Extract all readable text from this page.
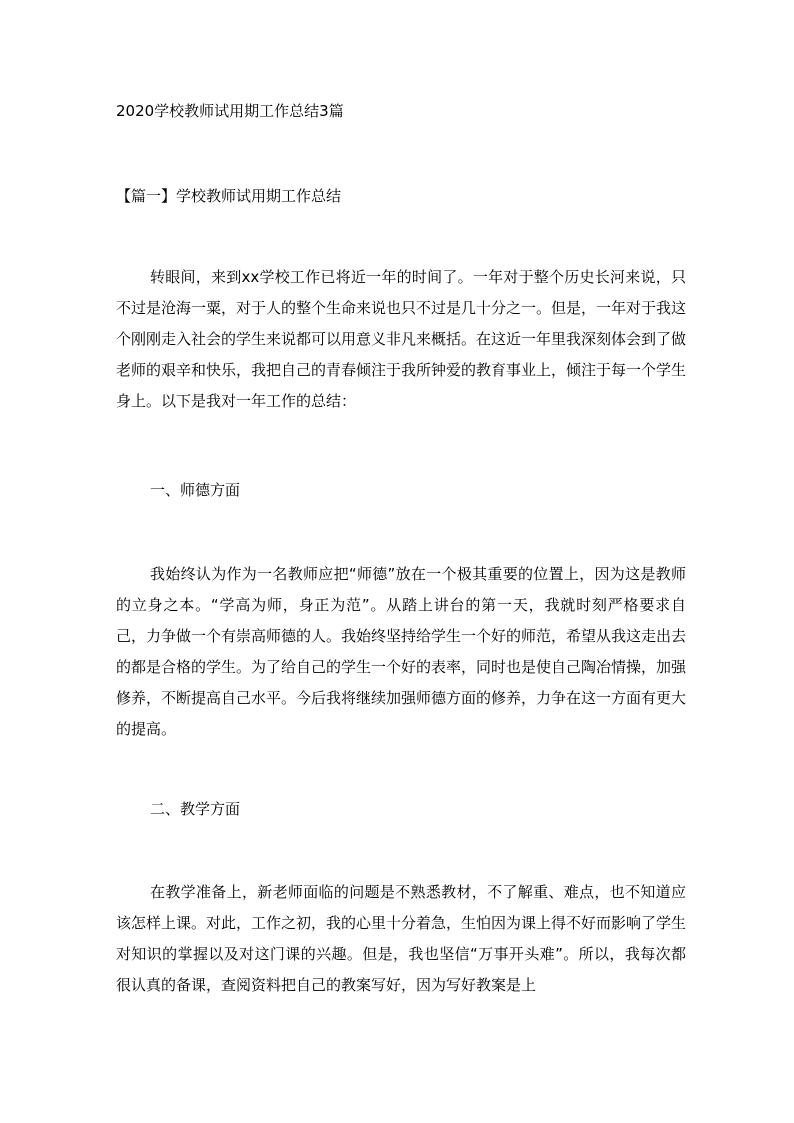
2020学校教师试用期工作总结3篇
【篇一】学校教师试用期工作总结

转眼间，来到xx学校工作已将近一年的时间了。一年对于整个历史长河来说，只不过是沧海一粟，对于人的整个生命来说也只不过是几十分之一。但是，一年对于我这个刚刚走入社会的学生来说都可以用意义非凡来概括。在这近一年里我深刻体会到了做老师的艰辛和快乐，我把自己的青春倾注于我所钟爱的教育事业上，倾注于每一个学生身上。以下是我对一年工作的总结：

一、师德方面

我始终认为作为一名教师应把“师德”放在一个极其重要的位置上，因为这是教师的立身之本。“学高为师，身正为范”。从踏上讲台的第一天，我就时刻严格要求自己，力争做一个有崇高师德的人。我始终坚持给学生一个好的师范，希望从我这走出去的都是合格的学生。为了给自己的学生一个好的表率，同时也是使自己陶冶情操，加强修养，不断提高自己水平。今后我将继续加强师德方面的修养，力争在这一方面有更大的提高。

二、教学方面

在教学准备上，新老师面临的问题是不熟悉教材，不了解重、难点，也不知道应该怎样上课。对此，工作之初，我的心里十分着急，生怕因为课上得不好而影响了学生对知识的掌握以及对这门课的兴趣。但是，我也坚信“万事开头难”。所以，我每次都很认真的备课，查阅资料把自己的教案写好，因为写好教案是上
